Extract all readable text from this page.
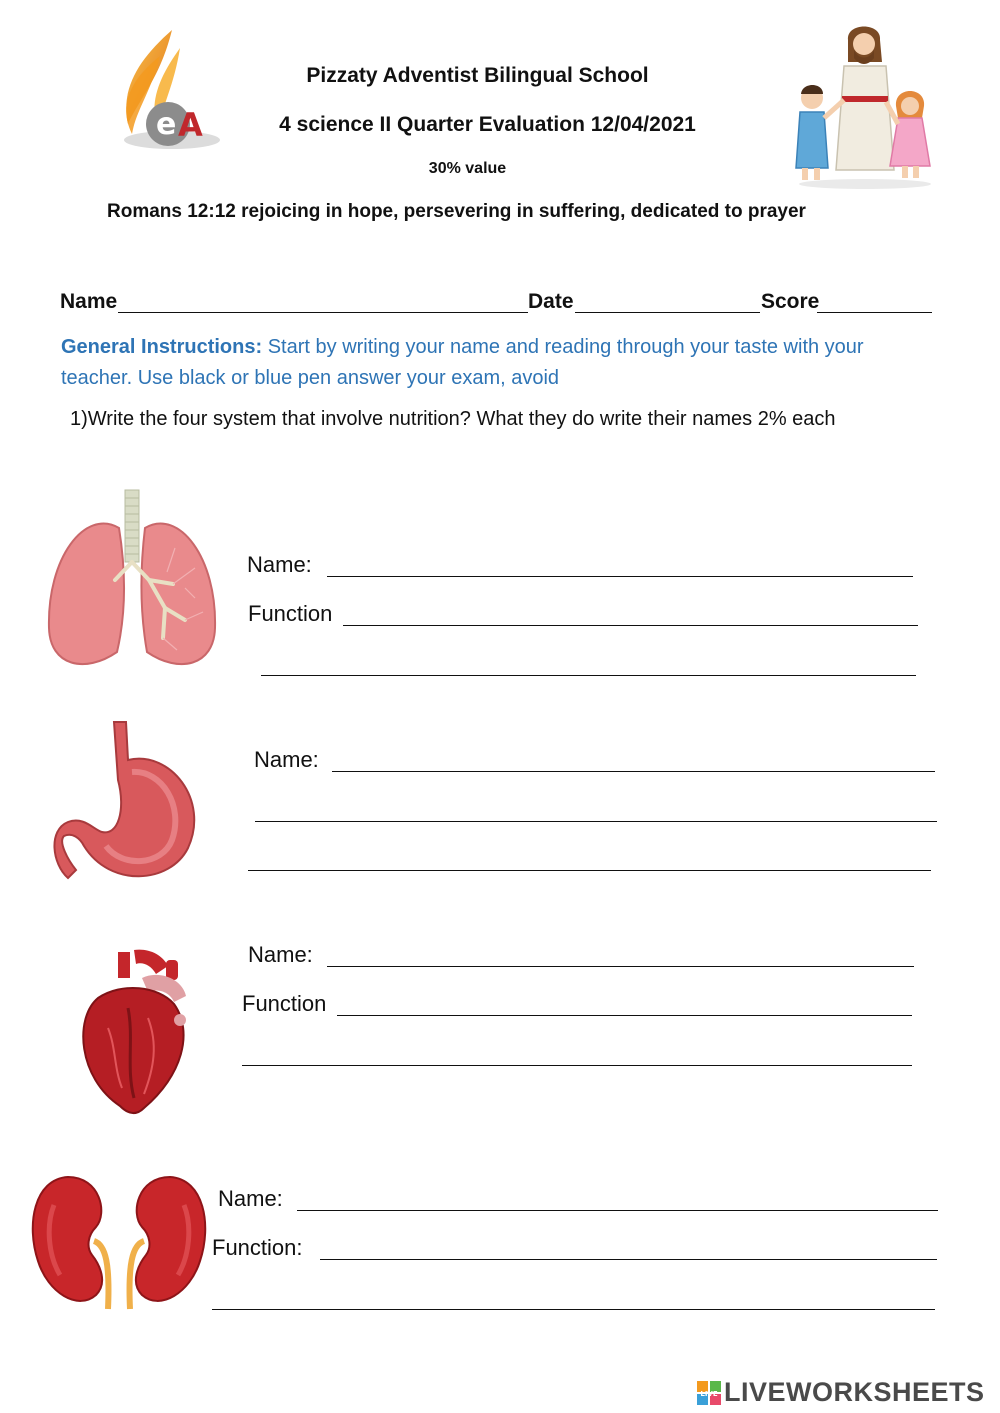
e A
Pizzaty Adventist Bilingual School
4 science II Quarter Evaluation 12/04/2021
30% value
Romans 12:12 rejoicing in hope, persevering in suffering, dedicated to prayer
Name	Date	Score
General Instructions: Start by writing your name and reading through your taste with your
teacher. Use black or blue pen answer your exam, avoid
1)Write the four system that involve nutrition? What they do write their names 2% each
Name:
Function
Name:
Name:
Function
Name:
Function:
LIVE LIVEWORKSHEETS
